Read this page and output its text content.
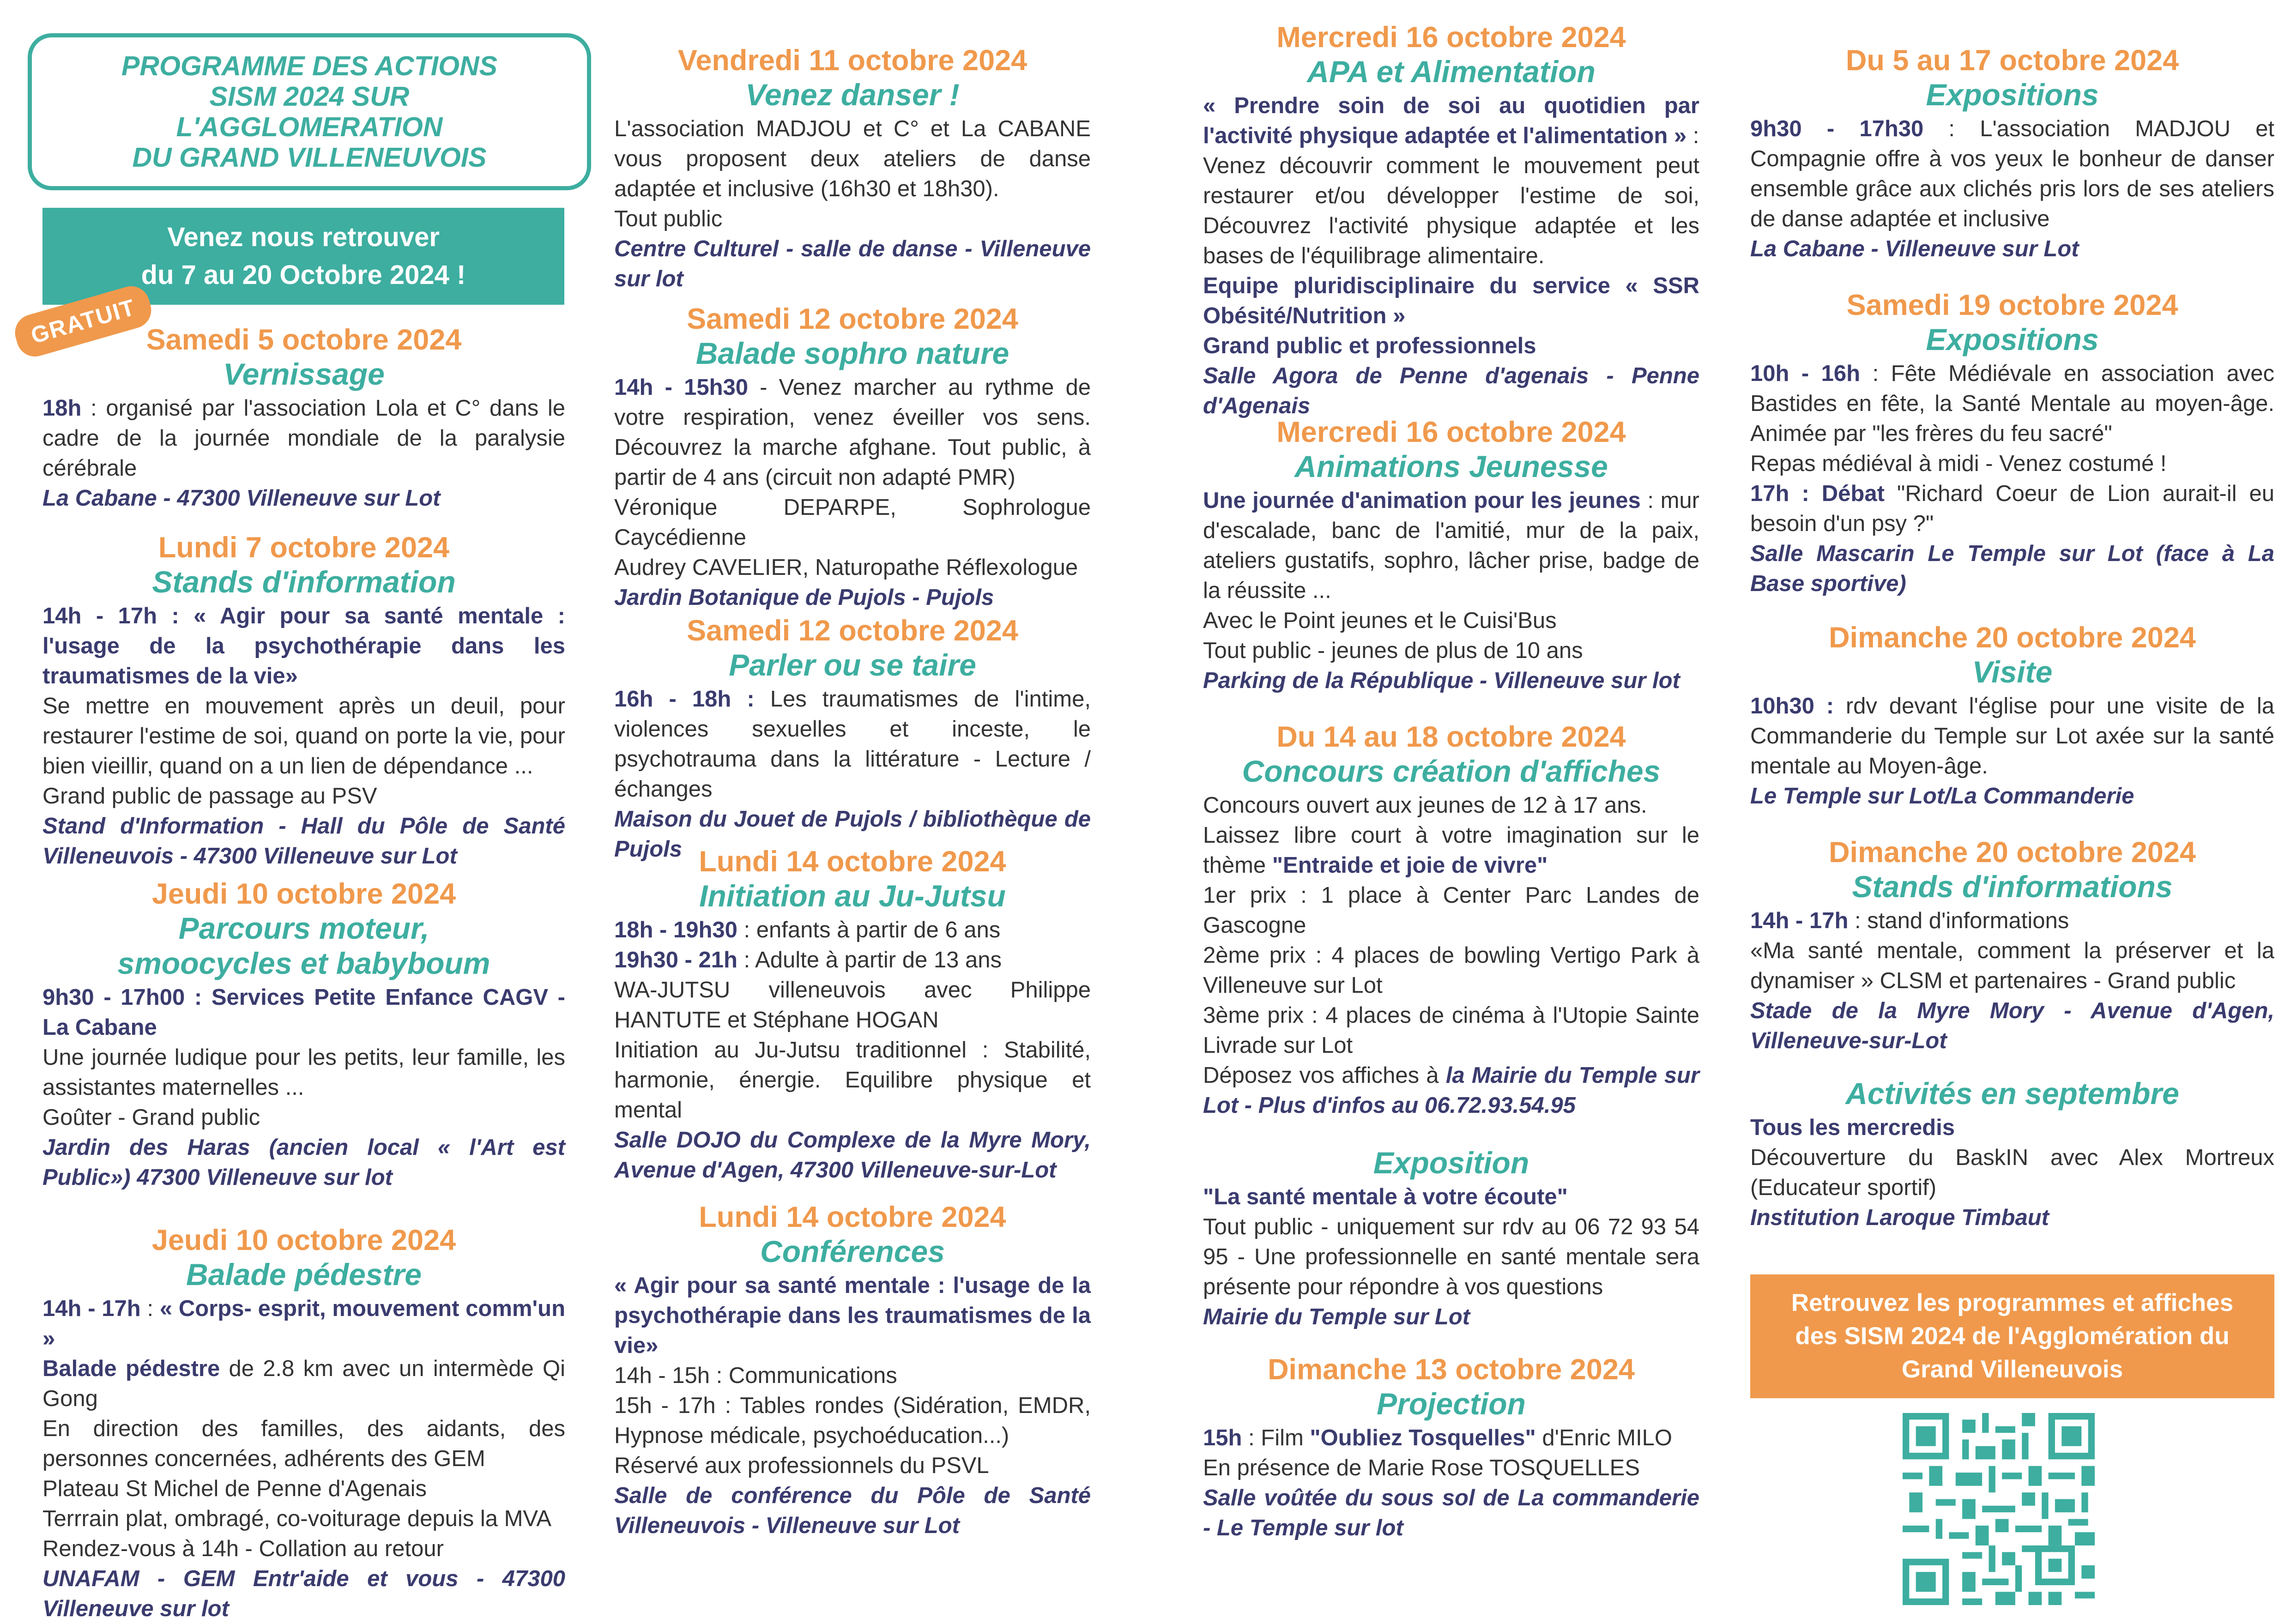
PROGRAMME DES ACTIONS
SISM 2024 SUR
L'AGGLOMERATION
DU GRAND VILLENEUVOIS
Venez nous retrouver
du 7 au 20 Octobre 2024 !
GRATUIT Samedi 5 octobre 2024
Vernissage

18h : organisé par l'association Lola et C° dans le cadre de la journée mondiale de la paralysie cérébrale

La Cabane - 47300 Villeneuve sur Lot

Lundi 7 octobre 2024
Stands d'information

14h - 17h : « Agir pour sa santé mentale : l'usage de la psychothérapie dans les traumatismes de la vie»

Se mettre en mouvement après un deuil, pour restaurer l'estime de soi, quand on porte la vie, pour bien vieillir, quand on a un lien de dépendance ...

Grand public de passage au PSV

Stand d'Information - Hall du Pôle de Santé Villeneuvois - 47300 Villeneuve sur Lot

Jeudi 10 octobre 2024
Parcours moteur,
smoocycles et babyboum

9h30 - 17h00 : Services Petite Enfance CAGV - La Cabane

Une journée ludique pour les petits, leur famille, les assistantes maternelles ...

Goûter - Grand public

Jardin des Haras (ancien local « l'Art est Public») 47300 Villeneuve sur lot

Jeudi 10 octobre 2024
Balade pédestre

14h - 17h : « Corps- esprit, mouvement comm'un »

Balade pédestre de 2.8 km avec un intermède Qi Gong

En direction des familles, des aidants, des personnes concernées, adhérents des GEM

Plateau St Michel de Penne d'Agenais

Terrrain plat, ombragé, co-voiturage depuis la MVA

Rendez-vous à 14h - Collation au retour

UNAFAM - GEM Entr'aide et vous - 47300 Villeneuve sur lot

Vendredi 11 octobre 2024
Venez danser !

L'association MADJOU et C° et La CABANE vous proposent deux ateliers de danse adaptée et inclusive (16h30 et 18h30).

Tout public

Centre Culturel - salle de danse - Villeneuve sur lot

Samedi 12 octobre 2024
Balade sophro nature

14h - 15h30 - Venez marcher au rythme de votre respiration, venez éveiller vos sens. Découvrez la marche afghane. Tout public, à partir de 4 ans (circuit non adapté PMR)

Véronique DEPARPE, Sophrologue Caycédienne

Audrey CAVELIER, Naturopathe Réflexologue

Jardin Botanique de Pujols - Pujols

Samedi 12 octobre 2024
Parler ou se taire

16h - 18h : Les traumatismes de l'intime, violences sexuelles et inceste, le psychotrauma dans la littérature - Lecture / échanges

Maison du Jouet de Pujols / bibliothèque de Pujols Lundi 14 octobre 2024
Initiation au Ju-Jutsu

18h - 19h30 : enfants à partir de 6 ans

19h30 - 21h : Adulte à partir de 13 ans

WA-JUTSU villeneuvois avec Philippe HANTUTE et Stéphane HOGAN

Initiation au Ju-Jutsu traditionnel : Stabilité, harmonie, énergie. Equilibre physique et mental

Salle DOJO du Complexe de la Myre Mory, Avenue d'Agen, 47300 Villeneuve-sur-Lot

Lundi 14 octobre 2024
Conférences

« Agir pour sa santé mentale : l'usage de la psychothérapie dans les traumatismes de la vie»

14h - 15h : Communications

15h - 17h : Tables rondes (Sidération, EMDR, Hypnose médicale, psychoéducation...)

Réservé aux professionnels du PSVL

Salle de conférence du Pôle de Santé Villeneuvois - Villeneuve sur Lot

Mercredi 16 octobre 2024
APA et Alimentation

« Prendre soin de soi au quotidien par l'activité physique adaptée et l'alimentation » :

Venez découvrir comment le mouvement peut restaurer et/ou développer l'estime de soi, Découvrez l'activité physique adaptée et les bases de l'équilibrage alimentaire.

Equipe pluridisciplinaire du service « SSR Obésité/Nutrition »

Grand public et professionnels

Salle Agora de Penne d'agenais - Penne d'Agenais

Mercredi 16 octobre 2024
Animations Jeunesse

Une journée d'animation pour les jeunes : mur d'escalade, banc de l'amitié, mur de la paix, ateliers gustatifs, sophro, lâcher prise, badge de la réussite ...

Avec le Point jeunes et le Cuisi'Bus

Tout public - jeunes de plus de 10 ans

Parking de la République - Villeneuve sur lot

Du 14 au 18 octobre 2024
Concours création d'affiches

Concours ouvert aux jeunes de 12 à 17 ans.

Laissez libre court à votre imagination sur le thème "Entraide et joie de vivre"

1er prix : 1 place à Center Parc Landes de Gascogne

2ème prix : 4 places de bowling Vertigo Park à Villeneuve sur Lot

3ème prix : 4 places de cinéma à l'Utopie Sainte Livrade sur Lot

Déposez vos affiches à la Mairie du Temple sur Lot - Plus d'infos au 06.72.93.54.95

Exposition

"La santé mentale à votre écoute"

Tout public - uniquement sur rdv au 06 72 93 54 95 - Une professionnelle en santé mentale sera présente pour répondre à vos questions

Mairie du Temple sur Lot

Dimanche 13 octobre 2024
Projection

15h : Film "Oubliez Tosquelles" d'Enric MILO

En présence de Marie Rose TOSQUELLES

Salle voûtée du sous sol de La commanderie - Le Temple sur lot

Du 5 au 17 octobre 2024
Expositions

9h30 - 17h30 : L'association MADJOU et Compagnie offre à vos yeux le bonheur de danser ensemble grâce aux clichés pris lors de ses ateliers de danse adaptée et inclusive

La Cabane - Villeneuve sur Lot

Samedi 19 octobre 2024
Expositions

10h - 16h : Fête Médiévale en association avec Bastides en fête, la Santé Mentale au moyen-âge. Animée par "les frères du feu sacré"

Repas médiéval à midi - Venez costumé !

17h : Débat "Richard Coeur de Lion aurait-il eu besoin d'un psy ?"

Salle Mascarin Le Temple sur Lot (face à La Base sportive)

Dimanche 20 octobre 2024
Visite

10h30 : rdv devant l'église pour une visite de la Commanderie du Temple sur Lot axée sur la santé mentale au Moyen-âge.

Le Temple sur Lot/La Commanderie

Dimanche 20 octobre 2024
Stands d'informations

14h - 17h : stand d'informations

«Ma santé mentale, comment la préserver et la dynamiser » CLSM et partenaires - Grand public

Stade de la Myre Mory - Avenue d'Agen, Villeneuve-sur-Lot

Activités en septembre

Tous les mercredis

Découverture du BaskIN avec Alex Mortreux (Educateur sportif)

Institution Laroque Timbaut

Retrouvez les programmes et affiches
des SISM 2024 de l'Agglomération du
Grand Villeneuvois
